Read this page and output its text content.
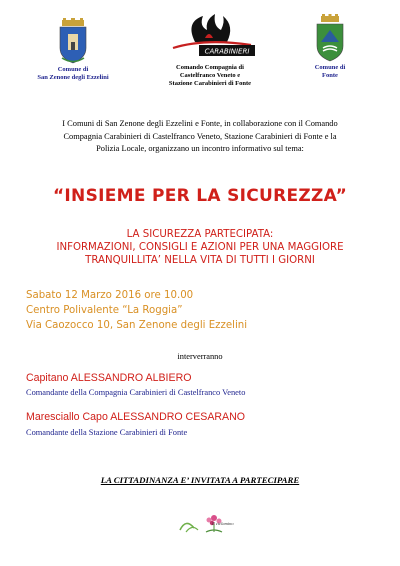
Comune di
San Zenone degli Ezzelini
CARABINIERI
Comando Compagnia di
Castelfranco Veneto e
Stazione Carabinieri di Fonte
Comune di
Fonte
I Comuni di San Zenone degli Ezzelini e Fonte, in collaborazione con il Comando
Compagnia Carabinieri di Castelfranco Veneto, Stazione Carabinieri di Fonte e la
Polizia Locale, organizzano un incontro informativo sul tema:
“INSIEME PER LA SICUREZZA”
LA SICUREZZA PARTECIPATA:
INFORMAZIONI, CONSIGLI E AZIONI PER UNA MAGGIORE
TRANQUILLITA’ NELLA VITA DI TUTTI I GIORNI
Sabato 12 Marzo 2016 ore 10.00
Centro Polivalente “La Roggia”
Via Caozocco 10, San Zenone degli Ezzelini
interverranno
Capitano ALESSANDRO ALBIERO
Comandante della Compagnia Carabinieri di Castelfranco Veneto
Maresciallo Capo ALESSANDRO CESARANO
Comandante della Stazione Carabinieri di Fonte
LA CITTADINANZA E’ INVITATA A PARTECIPARE
Il ciclamino
